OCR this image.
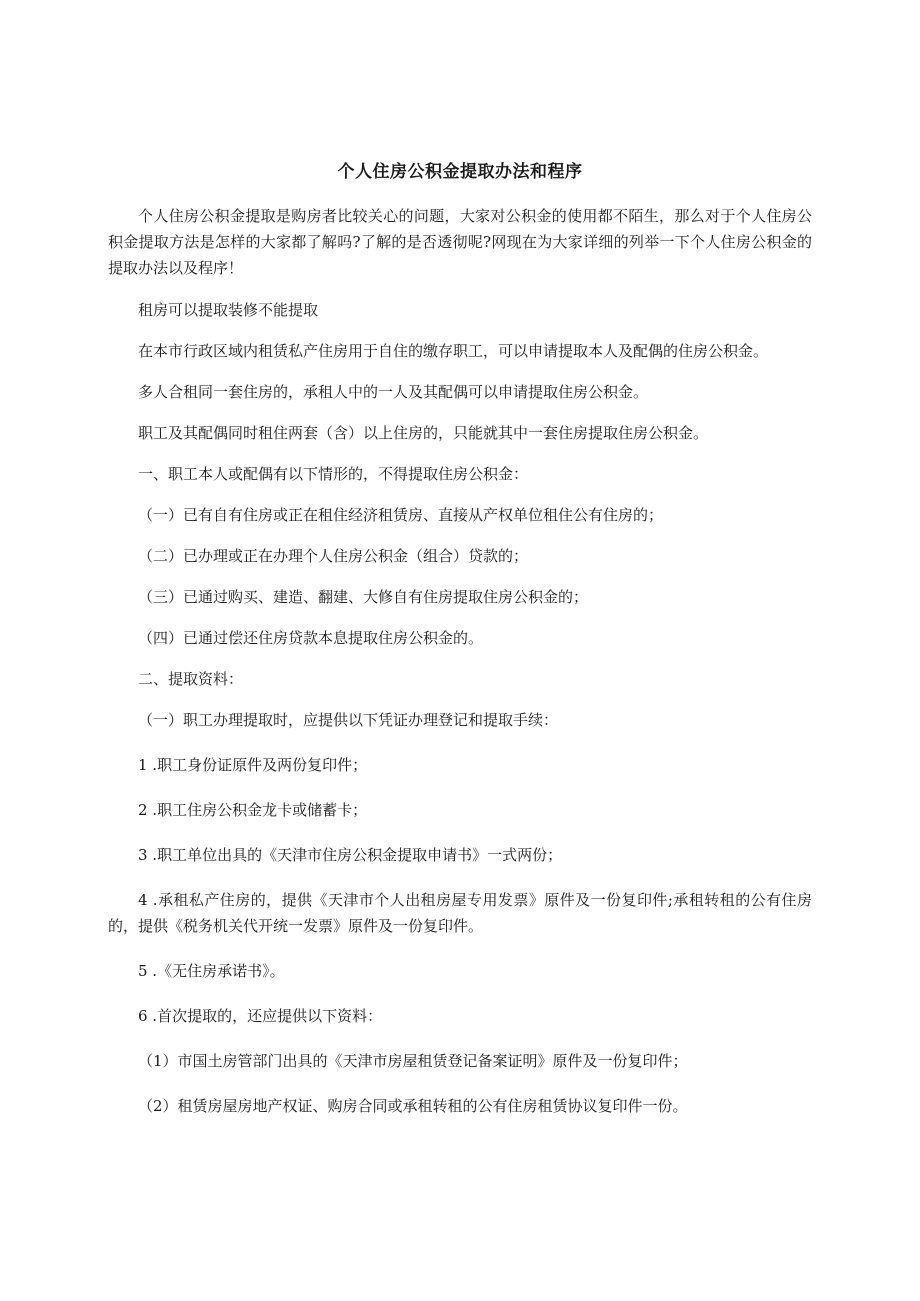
个人住房公积金提取办法和程序

个人住房公积金提取是购房者比较关心的问题，大家对公积金的使用都不陌生，那么对于个人住房公积金提取方法是怎样的大家都了解吗?了解的是否透彻呢?网现在为大家详细的列举一下个人住房公积金的提取办法以及程序！

租房可以提取装修不能提取

在本市行政区域内租赁私产住房用于自住的缴存职工，可以申请提取本人及配偶的住房公积金。

多人合租同一套住房的，承租人中的一人及其配偶可以申请提取住房公积金。

职工及其配偶同时租住两套（含）以上住房的，只能就其中一套住房提取住房公积金。

一、职工本人或配偶有以下情形的，不得提取住房公积金：

（一）已有自有住房或正在租住经济租赁房、直接从产权单位租住公有住房的；

（二）已办理或正在办理个人住房公积金（组合）贷款的；

（三）已通过购买、建造、翻建、大修自有住房提取住房公积金的；

（四）已通过偿还住房贷款本息提取住房公积金的。

二、提取资料：

（一）职工办理提取时，应提供以下凭证办理登记和提取手续：

1 .职工身份证原件及两份复印件；

2 .职工住房公积金龙卡或储蓄卡；

3 .职工单位出具的《天津市住房公积金提取申请书》一式两份；

4 .承租私产住房的，提供《天津市个人出租房屋专用发票》原件及一份复印件;承租转租的公有住房的，提供《税务机关代开统一发票》原件及一份复印件。

5 .《无住房承诺书》。

6 .首次提取的，还应提供以下资料：

（1）市国土房管部门出具的《天津市房屋租赁登记备案证明》原件及一份复印件；

（2）租赁房屋房地产权证、购房合同或承租转租的公有住房租赁协议复印件一份。
